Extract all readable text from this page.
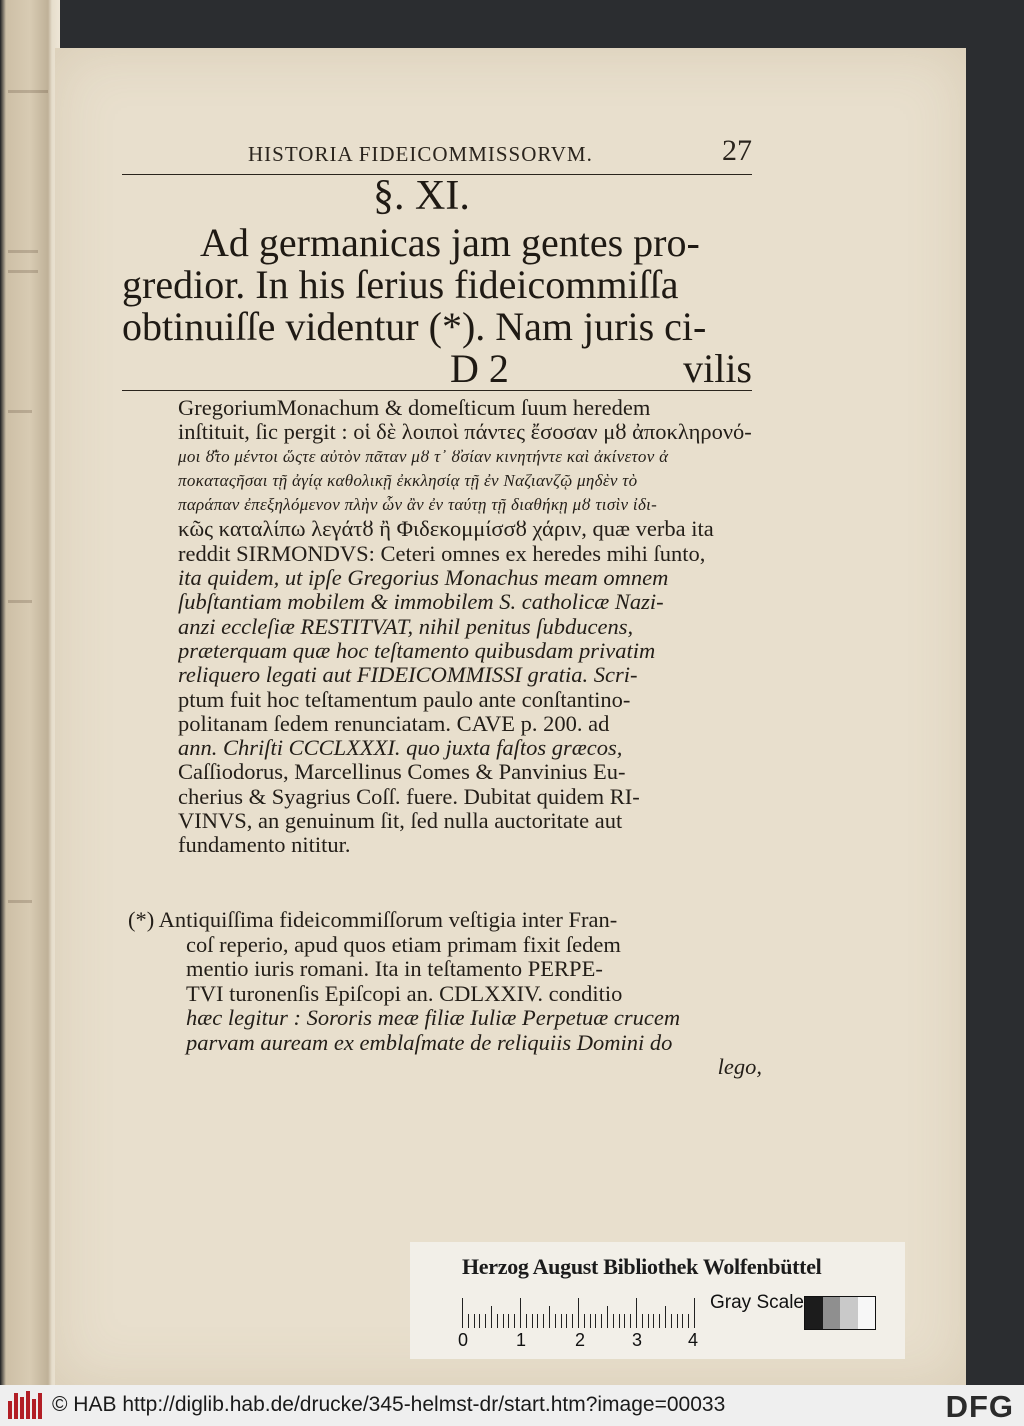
HISTORIA FIDEICOMMISSORVM.	27
§. XI.
Ad germanicas jam gentes pro-
gredior. In his ſerius fideicommiſſa
obtinuiſſe videntur (*). Nam juris ci-
D 2	vilis
GregoriumMonachum & domeſticum ſuum heredem
inſtituit, ſic pergit : οἱ δὲ λοιποὶ πάντες ἔσοσαν μȣ ἀποκληρονό-
μοι ȣ̓͂το μέντοι ὥςτε αὐτὸν πᾶταν μȣ τ᾽ ȣ̓σίαν κινητήντε καὶ ἀκίνετον ἀ
ποκαταςῆσαι τῇ ἀγίᾳ καθολικῇ ἐκκλησίᾳ τῇ ἐν Ναζιανζῷ μηδὲν τὸ
παράπαν ἐπεξηλόμενον πλὴν ὧν ἂν ἐν ταύτῃ τῇ διαθήκῃ μȣ τισὶν ἰδι-
κῶς καταλίπω λεγάτȣ ἢ Φιδεκομμίσσȣ χάριν, quæ verba ita
reddit SIRMONDVS: Ceteri omnes ex heredes mihi ſunto,
ita quidem, ut ipſe Gregorius Monachus meam omnem
ſubſtantiam mobilem & immobilem S. catholicæ Nazi-
anzi eccleſiæ RESTITVAT, nihil penitus ſubducens,
præterquam quæ hoc teſtamento quibusdam privatim
reliquero legati aut FIDEICOMMISSI gratia. Scri-
ptum fuit hoc teſtamentum paulo ante conſtantino-
politanam ſedem renunciatam. CAVE p. 200. ad
ann. Chriſti CCCLXXXI. quo juxta faſtos græcos,
Caſſiodorus, Marcellinus Comes & Panvinius Eu-
cherius & Syagrius Coſſ. fuere. Dubitat quidem RI-
VINVS, an genuinum ſit, ſed nulla auctoritate aut
fundamento nititur.
(*) Antiquiſſima fideicommiſſorum veſtigia inter Fran-
coſ reperio, apud quos etiam primam fixit ſedem
mentio iuris romani. Ita in teſtamento PERPE-
TVI turonenſis Epiſcopi an. CDLXXIV. conditio
hæc legitur : Sororis meæ filiæ Iuliæ Perpetuæ crucem
parvam auream ex emblaſmate de reliquiis Domini do
lego,
Herzog August Bibliothek Wolfenbüttel
0	1	2	3	4
Gray Scale
© HAB http://diglib.hab.de/drucke/345-helmst-dr/start.htm?image=00033	DFG
